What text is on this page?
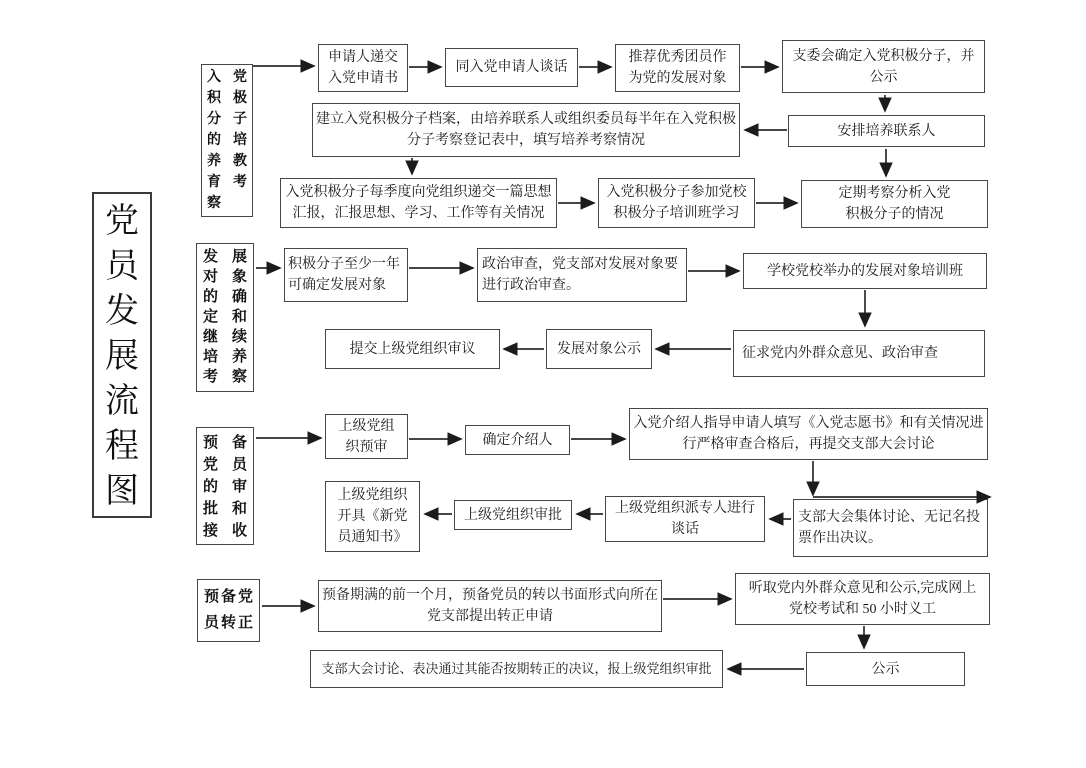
党员发展流程图
入党积极分子的培养教育考察
发展对象的确定和继续培养考察
预备党员的审批和接收
预备党员转正
申请人递交入党申请书
同入党申请人谈话
推荐优秀团员作为党的发展对象
支委会确定入党积极分子，并公示
建立入党积极分子档案，由培养联系人或组织委员每半年在入党积极分子考察登记表中，填写培养考察情况
安排培养联系人
入党积极分子每季度向党组织递交一篇思想汇报，汇报思想、学习、工作等有关情况
入党积极分子参加党校积极分子培训班学习
定期考察分析入党积极分子的情况
积极分子至少一年可确定发展对象
政治审查，党支部对发展对象要进行政治审查。
学校党校举办的发展对象培训班
征求党内外群众意见、政治审查
发展对象公示
提交上级党组织审议
上级党组织预审	确定介绍人
入党介绍人指导申请人填写《入党志愿书》和有关情况进行严格审查合格后，再提交支部大会讨论
上级党组织开具《新党员通知书》
上级党组织审批	上级党组织派专人进行谈话
支部大会集体讨论、无记名投票作出决议。
预备期满的前一个月，预备党员的转以书面形式向所在党支部提出转正申请
听取党内外群众意见和公示,完成网上党校考试和 50 小时义工
公示
支部大会讨论、表决通过其能否按期转正的决议，报上级党组织审批
